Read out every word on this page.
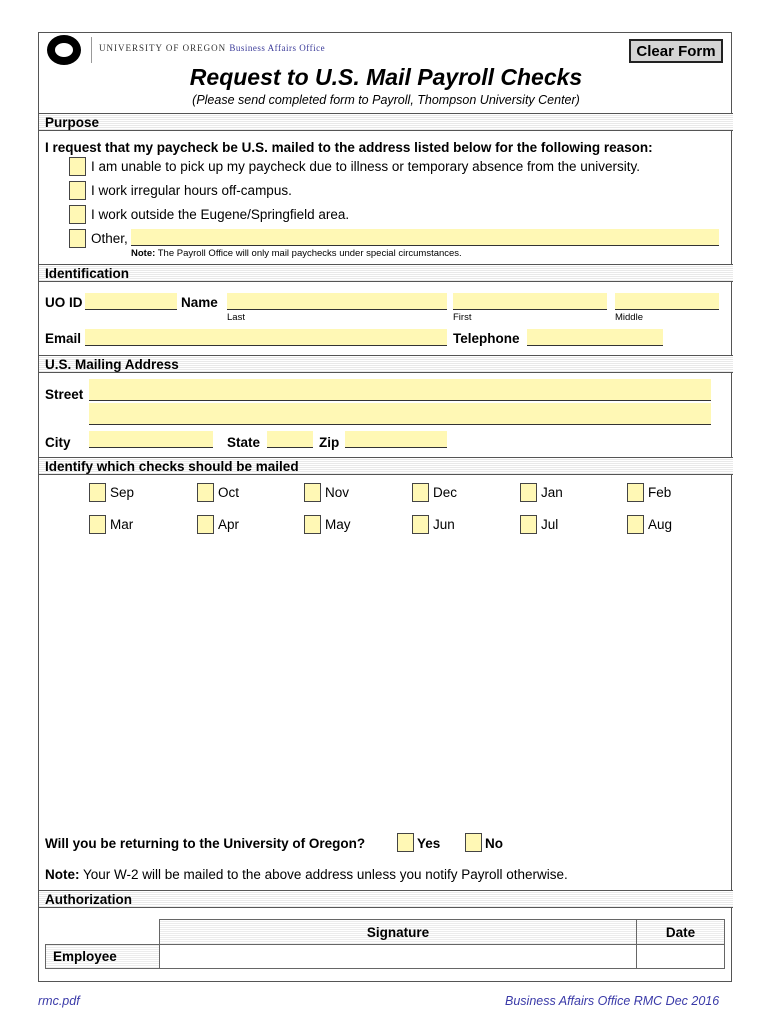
UNIVERSITY OF OREGON Business Affairs Office	Clear Form
Request to U.S. Mail Payroll Checks
(Please send completed form to Payroll, Thompson University Center)
Purpose
I request that my paycheck be U.S. mailed to the address listed below for the following reason:
I am unable to pick up my paycheck due to illness or temporary absence from the university.
I work irregular hours off-campus.
I work outside the Eugene/Springfield area.
Other,
Note: The Payroll Office will only mail paychecks under special circumstances.
Identification
UO ID	Name
Last	First	Middle
Email	Telephone
U.S. Mailing Address
Street
City	State	Zip
Identify which checks should be mailed
Sep	Oct	Nov	Dec	Jan	Feb
Mar	Apr	May	Jun	Jul	Aug
Will you be returning to the University of Oregon?	Yes	No
Note: Your W-2 will be mailed to the above address unless you notify Payroll otherwise.
Authorization
Signature	Date
Employee
rmc.pdf	Business Affairs Office RMC Dec 2016
